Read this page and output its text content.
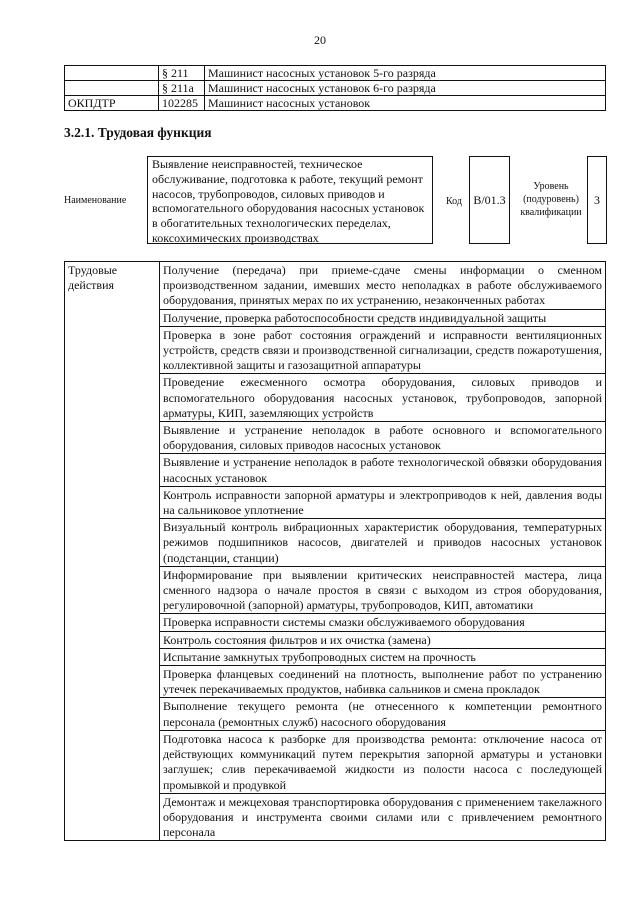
20
	§ 211	Машинист насосных установок 5-го разряда
	§ 211а	Машинист насосных установок 6-го разряда
ОКПДТР	102285	Машинист насосных установок
3.2.1. Трудовая функция
Наименование
Выявление неисправностей, техническое обслуживание, подготовка к работе, текущий ремонт насосов, трубопроводов, силовых приводов и вспомогательного оборудования насосных установок в обогатительных технологических переделах, коксохимических производствах
Код B/01.3
Уровень (подуровень) квалификации
3
Трудовые действия	Получение (передача) при приеме-сдаче смены информации о сменном производственном задании, имевших место неполадках в работе обслуживаемого оборудования, принятых мерах по их устранению, незаконченных работах
Получение, проверка работоспособности средств индивидуальной защиты
Проверка в зоне работ состояния ограждений и исправности вентиляционных устройств, средств связи и производственной сигнализации, средств пожаротушения, коллективной защиты и газозащитной аппаратуры
Проведение ежесменного осмотра оборудования, силовых приводов и вспомогательного оборудования насосных установок, трубопроводов, запорной арматуры, КИП, заземляющих устройств
Выявление и устранение неполадок в работе основного и вспомогательного оборудования, силовых приводов насосных установок
Выявление и устранение неполадок в работе технологической обвязки оборудования насосных установок
Контроль исправности запорной арматуры и электроприводов к ней, давления воды на сальниковое уплотнение
Визуальный контроль вибрационных характеристик оборудования, температурных режимов подшипников насосов, двигателей и приводов насосных установок (подстанции, станции)
Информирование при выявлении критических неисправностей мастера, лица сменного надзора о начале простоя в связи с выходом из строя оборудования, регулировочной (запорной) арматуры, трубопроводов, КИП, автоматики
Проверка исправности системы смазки обслуживаемого оборудования
Контроль состояния фильтров и их очистка (замена)
Испытание замкнутых трубопроводных систем на прочность
Проверка фланцевых соединений на плотность, выполнение работ по устранению утечек перекачиваемых продуктов, набивка сальников и смена прокладок
Выполнение текущего ремонта (не отнесенного к компетенции ремонтного персонала (ремонтных служб) насосного оборудования
Подготовка насоса к разборке для производства ремонта: отключение насоса от действующих коммуникаций путем перекрытия запорной арматуры и установки заглушек; слив перекачиваемой жидкости из полости насоса с последующей промывкой и продувкой
Демонтаж и межцеховая транспортировка оборудования с применением такелажного оборудования и инструмента своими силами или с привлечением ремонтного персонала
